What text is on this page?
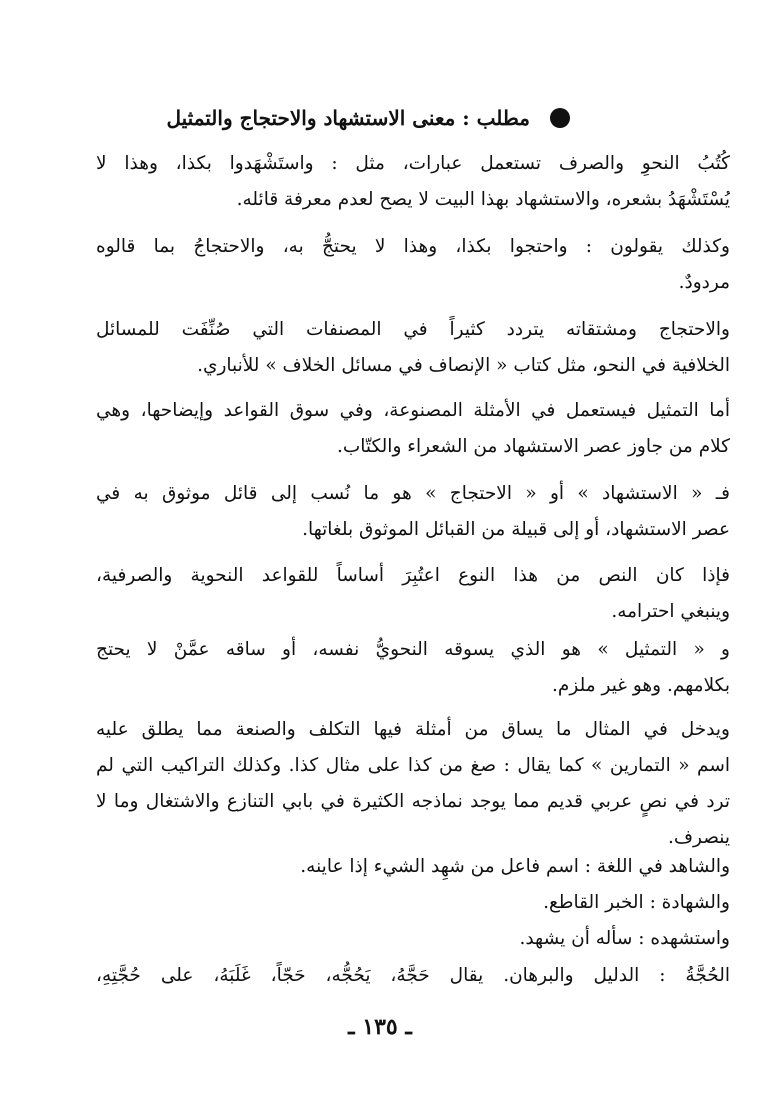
مطلب : معنى الاستشهاد والاحتجاج والتمثيل
كُتُبُ النحوِ والصرف تستعمل عبارات، مثل : واستَشْهَدوا بكذا، وهذا لا
يُسْتَشْهَدُ بشعره، والاستشهاد بهذا البيت لا يصح لعدم معرفة قائله.
وكذلك يقولون : واحتجوا بكذا، وهذا لا يحتجُّ به، والاحتجاجُ بما قالوه
مردودٌ.
والاحتجاج ومشتقاته يتردد كثيراً في المصنفات التي صُنِّفَت للمسائل
الخلافية في النحو، مثل كتاب « الإنصاف في مسائل الخلاف » للأنباري.
أما التمثيل فيستعمل في الأمثلة المصنوعة، وفي سوق القواعد وإيضاحها، وهي
كلام من جاوز عصر الاستشهاد من الشعراء والكتّاب.
فـ « الاستشهاد » أو « الاحتجاج » هو ما نُسب إلى قائل موثوق به في
عصر الاستشهاد، أو إلى قبيلة من القبائل الموثوق بلغاتها.
فإذا كان النص من هذا النوع اعتُبِرَ أساساً للقواعد النحوية والصرفية،
وينبغي احترامه.
و « التمثيل » هو الذي يسوقه النحويُّ نفسه، أو ساقه عمَّنْ لا يحتج
بكلامهم. وهو غير ملزم.
ويدخل في المثال ما يساق من أمثلة فيها التكلف والصنعة مما يطلق عليه
اسم « التمارين » كما يقال : صغ من كذا على مثال كذا. وكذلك التراكيب التي لم
ترد في نصٍ عربي قديم مما يوجد نماذجه الكثيرة في بابي التنازع والاشتغال وما لا
ينصرف.
والشاهد في اللغة : اسم فاعل من شهِد الشيء إذا عاينه.
والشهادة : الخبر القاطع.
واستشهده : سأله أن يشهد.
الحُجَّةُ : الدليل والبرهان. يقال حَجَّهُ، يَحُجُّه، حَجّاً، غَلَبَهُ، على حُجَّتِهِ،
ـ ١٣٥ ـ
